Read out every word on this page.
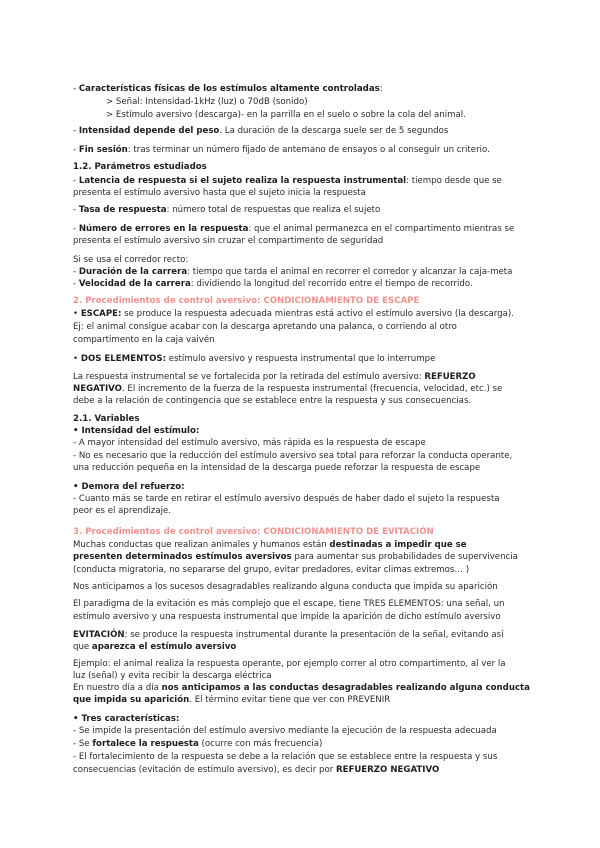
- Características físicas de los estímulos altamente controladas:
> Señal: Intensidad-1kHz (luz) o 70dB (sonido)
> Estímulo aversivo (descarga)- en la parrilla en el suelo o sobre la cola del animal.
- Intensidad depende del peso. La duración de la descarga suele ser de 5 segundos
- Fin sesión: tras terminar un número fijado de antemano de ensayos o al conseguir un criterio.
1.2. Parámetros estudiados
- Latencia de respuesta si el sujeto realiza la respuesta instrumental: tiempo desde que se
presenta el estímulo aversivo hasta que el sujeto inicia la respuesta
- Tasa de respuesta: número total de respuestas que realiza el sujeto
- Número de errores en la respuesta: que el animal permanezca en el compartimento mientras se
presenta el estímulo aversivo sin cruzar el compartimento de seguridad
Si se usa el corredor recto:
- Duración de la carrera: tiempo que tarda el animal en recorrer el corredor y alcanzar la caja-meta
- Velocidad de la carrera: dividiendo la longitud del recorrido entre el tiempo de recorrido.
2. Procedimientos de control aversivo: CONDICIONAMIENTO DE ESCAPE
• ESCAPE: se produce la respuesta adecuada mientras está activo el estímulo aversivo (la descarga).
Ej: el animal consigue acabar con la descarga apretando una palanca, o corriendo al otro
compartimento en la caja vaivén
• DOS ELEMENTOS: estímulo aversivo y respuesta instrumental que lo interrumpe
La respuesta instrumental se ve fortalecida por la retirada del estímulo aversivo: REFUERZO
NEGATIVO. El incremento de la fuerza de la respuesta instrumental (frecuencia, velocidad, etc.) se
debe a la relación de contingencia que se establece entre la respuesta y sus consecuencias.
2.1. Variables
• Intensidad del estímulo:
- A mayor intensidad del estímulo aversivo, más rápida es la respuesta de escape
- No es necesario que la reducción del estímulo aversivo sea total para reforzar la conducta operante,
una reducción pequeña en la intensidad de la descarga puede reforzar la respuesta de escape
• Demora del refuerzo:
- Cuanto más se tarde en retirar el estímulo aversivo después de haber dado el sujeto la respuesta
peor es el aprendizaje.
3. Procedimientos de control aversivo: CONDICIONAMIENTO DE EVITACIÓN
Muchas conductas que realizan animales y humanos están destinadas a impedir que se
presenten determinados estímulos aversivos para aumentar sus probabilidades de supervivencia
(conducta migratoria, no separarse del grupo, evitar predadores, evitar climas extremos… )
Nos anticipamos a los sucesos desagradables realizando alguna conducta que impida su aparición
El paradigma de la evitación es más complejo que el escape, tiene TRES ELEMENTOS: una señal, un
estímulo aversivo y una respuesta instrumental que impide la aparición de dicho estímulo aversivo
EVITACIÓN: se produce la respuesta instrumental durante la presentación de la señal, evitando así
que aparezca el estímulo aversivo
Ejemplo: el animal realiza la respuesta operante, por ejemplo correr al otro compartimento, al ver la
luz (señal) y evita recibir la descarga eléctrica
En nuestro día a día nos anticipamos a las conductas desagradables realizando alguna conducta
que impida su aparición. El término evitar tiene que ver con PREVENIR
• Tres características:
- Se impide la presentación del estímulo aversivo mediante la ejecución de la respuesta adecuada
- Se fortalece la respuesta (ocurre con más frecuencia)
- El fortalecimiento de la respuesta se debe a la relación que se establece entre la respuesta y sus
consecuencias (evitación de estímulo aversivo), es decir por REFUERZO NEGATIVO
